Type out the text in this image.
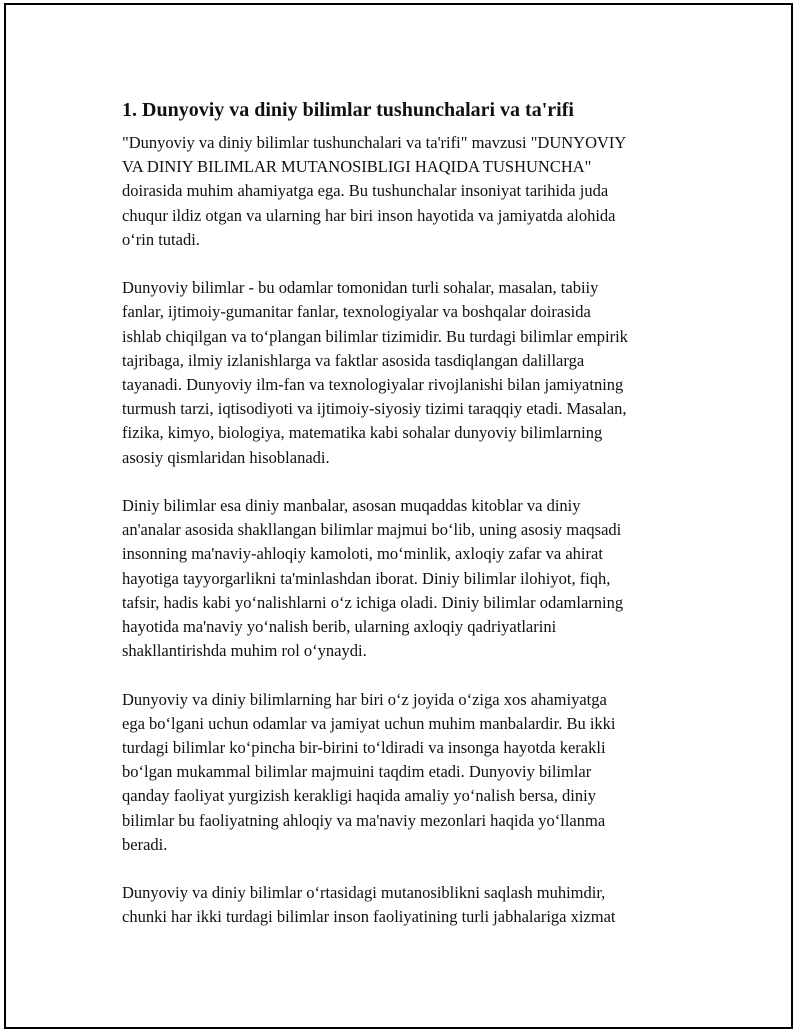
1. Dunyoviy va diniy bilimlar tushunchalari va ta'rifi

"Dunyoviy va diniy bilimlar tushunchalari va ta'rifi" mavzusi "DUNYOVIY
VA DINIY BILIMLAR MUTANOSIBLIGI HAQIDA TUSHUNCHA"
doirasida muhim ahamiyatga ega. Bu tushunchalar insoniyat tarihida juda
chuqur ildiz otgan va ularning har biri inson hayotida va jamiyatda alohida
o‘rin tutadi.

Dunyoviy bilimlar - bu odamlar tomonidan turli sohalar, masalan, tabiiy
fanlar, ijtimoiy-gumanitar fanlar, texnologiyalar va boshqalar doirasida
ishlab chiqilgan va to‘plangan bilimlar tizimidir. Bu turdagi bilimlar empirik
tajribaga, ilmiy izlanishlarga va faktlar asosida tasdiqlangan dalillarga
tayanadi. Dunyoviy ilm-fan va texnologiyalar rivojlanishi bilan jamiyatning
turmush tarzi, iqtisodiyoti va ijtimoiy-siyosiy tizimi taraqqiy etadi. Masalan,
fizika, kimyo, biologiya, matematika kabi sohalar dunyoviy bilimlarning
asosiy qismlaridan hisoblanadi.

Diniy bilimlar esa diniy manbalar, asosan muqaddas kitoblar va diniy
an'analar asosida shakllangan bilimlar majmui bo‘lib, uning asosiy maqsadi
insonning ma'naviy-ahloqiy kamoloti, mo‘minlik, axloqiy zafar va ahirat
hayotiga tayyorgarlikni ta'minlashdan iborat. Diniy bilimlar ilohiyot, fiqh,
tafsir, hadis kabi yo‘nalishlarni o‘z ichiga oladi. Diniy bilimlar odamlarning
hayotida ma'naviy yo‘nalish berib, ularning axloqiy qadriyatlarini
shakllantirishda muhim rol o‘ynaydi.

Dunyoviy va diniy bilimlarning har biri o‘z joyida o‘ziga xos ahamiyatga
ega bo‘lgani uchun odamlar va jamiyat uchun muhim manbalardir. Bu ikki
turdagi bilimlar ko‘pincha bir-birini to‘ldiradi va insonga hayotda kerakli
bo‘lgan mukammal bilimlar majmuini taqdim etadi. Dunyoviy bilimlar
qanday faoliyat yurgizish kerakligi haqida amaliy yo‘nalish bersa, diniy
bilimlar bu faoliyatning ahloqiy va ma'naviy mezonlari haqida yo‘llanma
beradi.

Dunyoviy va diniy bilimlar o‘rtasidagi mutanosiblikni saqlash muhimdir,
chunki har ikki turdagi bilimlar inson faoliyatining turli jabhalariga xizmat
